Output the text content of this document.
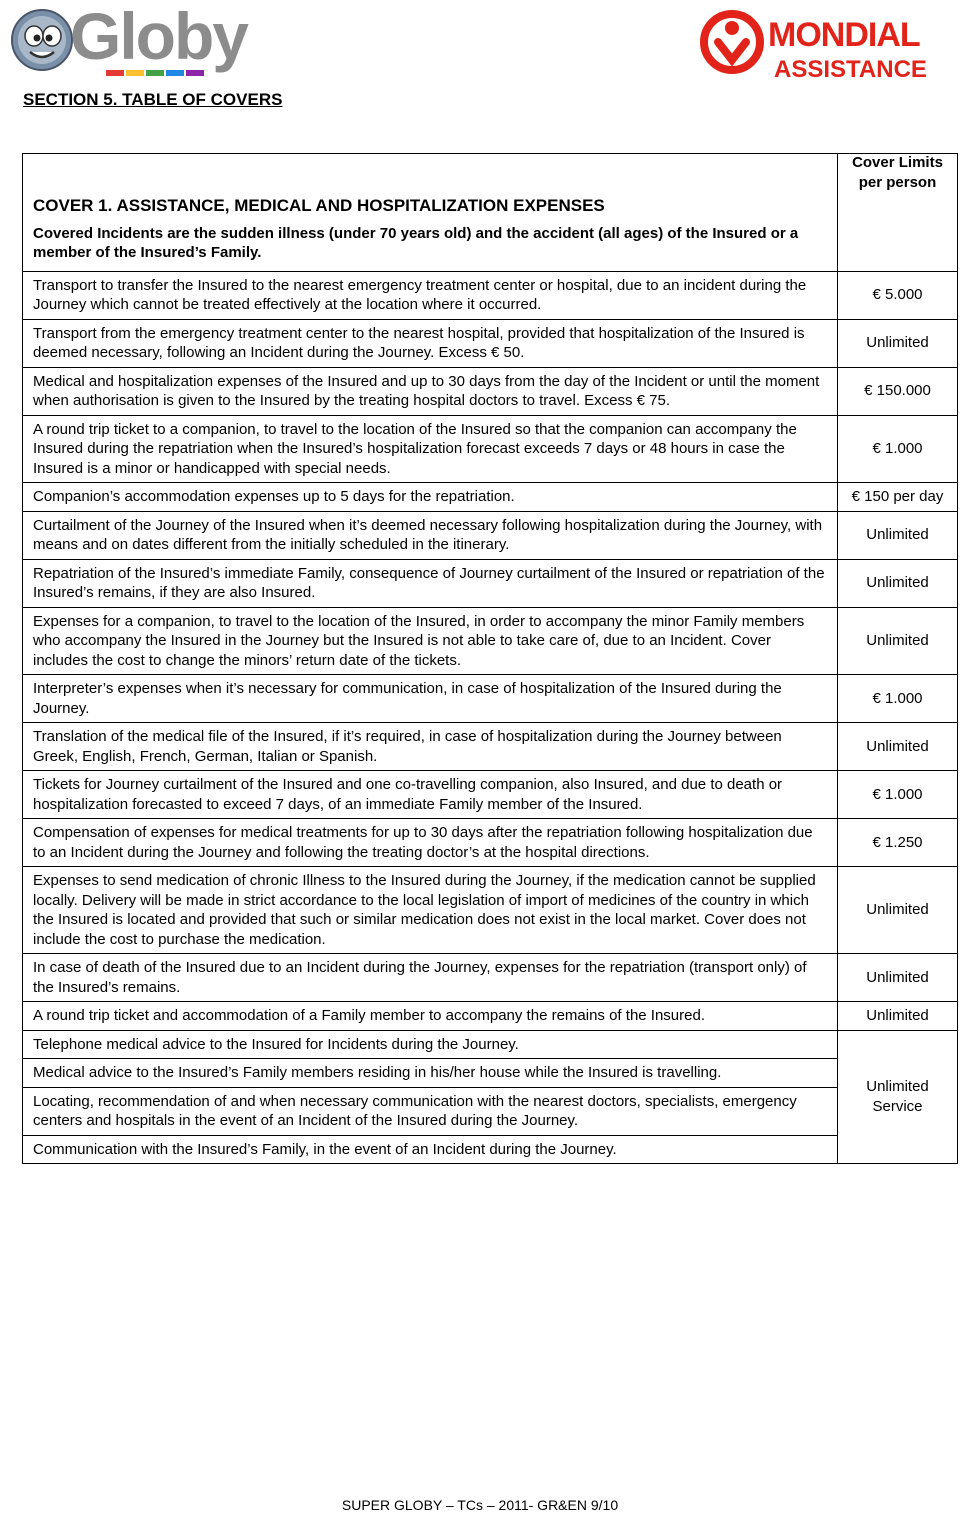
Globy	MONDIAL
ASSISTANCE
SECTION 5. TABLE OF COVERS
COVER 1. ASSISTANCE, MEDICAL AND HOSPITALIZATION EXPENSES

Covered Incidents are the sudden illness (under 70 years old) and the accident (all ages) of the Insured or a member of the Insured’s Family.	Cover Limits per person

Transport to transfer the Insured to the nearest emergency treatment center or hospital, due to an incident during the Journey which cannot be treated effectively at the location where it occurred.	€ 5.000
Transport from the emergency treatment center to the nearest hospital, provided that hospitalization of the Insured is deemed necessary, following an Incident during the Journey. Excess € 50.	Unlimited
Medical and hospitalization expenses of the Insured and up to 30 days from the day of the Incident or until the moment when authorisation is given to the Insured by the treating hospital doctors to travel. Excess € 75.	€ 150.000
A round trip ticket to a companion, to travel to the location of the Insured so that the companion can accompany the Insured during the repatriation when the Insured’s hospitalization forecast exceeds 7 days or 48 hours in case the Insured is a minor or handicapped with special needs.	€ 1.000
Companion’s accommodation expenses up to 5 days for the repatriation.	€ 150 per day
Curtailment of the Journey of the Insured when it’s deemed necessary following hospitalization during the Journey, with means and on dates different from the initially scheduled in the itinerary.	Unlimited
Repatriation of the Insured’s immediate Family, consequence of Journey curtailment of the Insured or repatriation of the Insured’s remains, if they are also Insured.	Unlimited
Expenses for a companion, to travel to the location of the Insured, in order to accompany the minor Family members who accompany the Insured in the Journey but the Insured is not able to take care of, due to an Incident. Cover includes the cost to change the minors’ return date of the tickets.	Unlimited
Interpreter’s expenses when it’s necessary for communication, in case of hospitalization of the Insured during the Journey.	€ 1.000
Translation of the medical file of the Insured, if it’s required, in case of hospitalization during the Journey between Greek, English, French, German, Italian or Spanish.	Unlimited
Tickets for Journey curtailment of the Insured and one co-travelling companion, also Insured, and due to death or hospitalization forecasted to exceed 7 days, of an immediate Family member of the Insured.	€ 1.000
Compensation of expenses for medical treatments for up to 30 days after the repatriation following hospitalization due to an Incident during the Journey and following the treating doctor’s at the hospital directions.	€ 1.250
Expenses to send medication of chronic Illness to the Insured during the Journey, if the medication cannot be supplied locally. Delivery will be made in strict accordance to the local legislation of import of medicines of the country in which the Insured is located and provided that such or similar medication does not exist in the local market. Cover does not include the cost to purchase the medication.	Unlimited
In case of death of the Insured due to an Incident during the Journey, expenses for the repatriation (transport only) of the Insured’s remains.	Unlimited
A round trip ticket and accommodation of a Family member to accompany the remains of the Insured.	Unlimited
Telephone medical advice to the Insured for Incidents during the Journey.	Unlimited Service
Medical advice to the Insured’s Family members residing in his/her house while the Insured is travelling.	
Locating, recommendation of and when necessary communication with the nearest doctors, specialists, emergency centers and hospitals in the event of an Incident of the Insured during the Journey.	
Communication with the Insured’s Family, in the event of an Incident during the Journey.	
SUPER GLOBY – TCs – 2011- GR&EN 9/10
